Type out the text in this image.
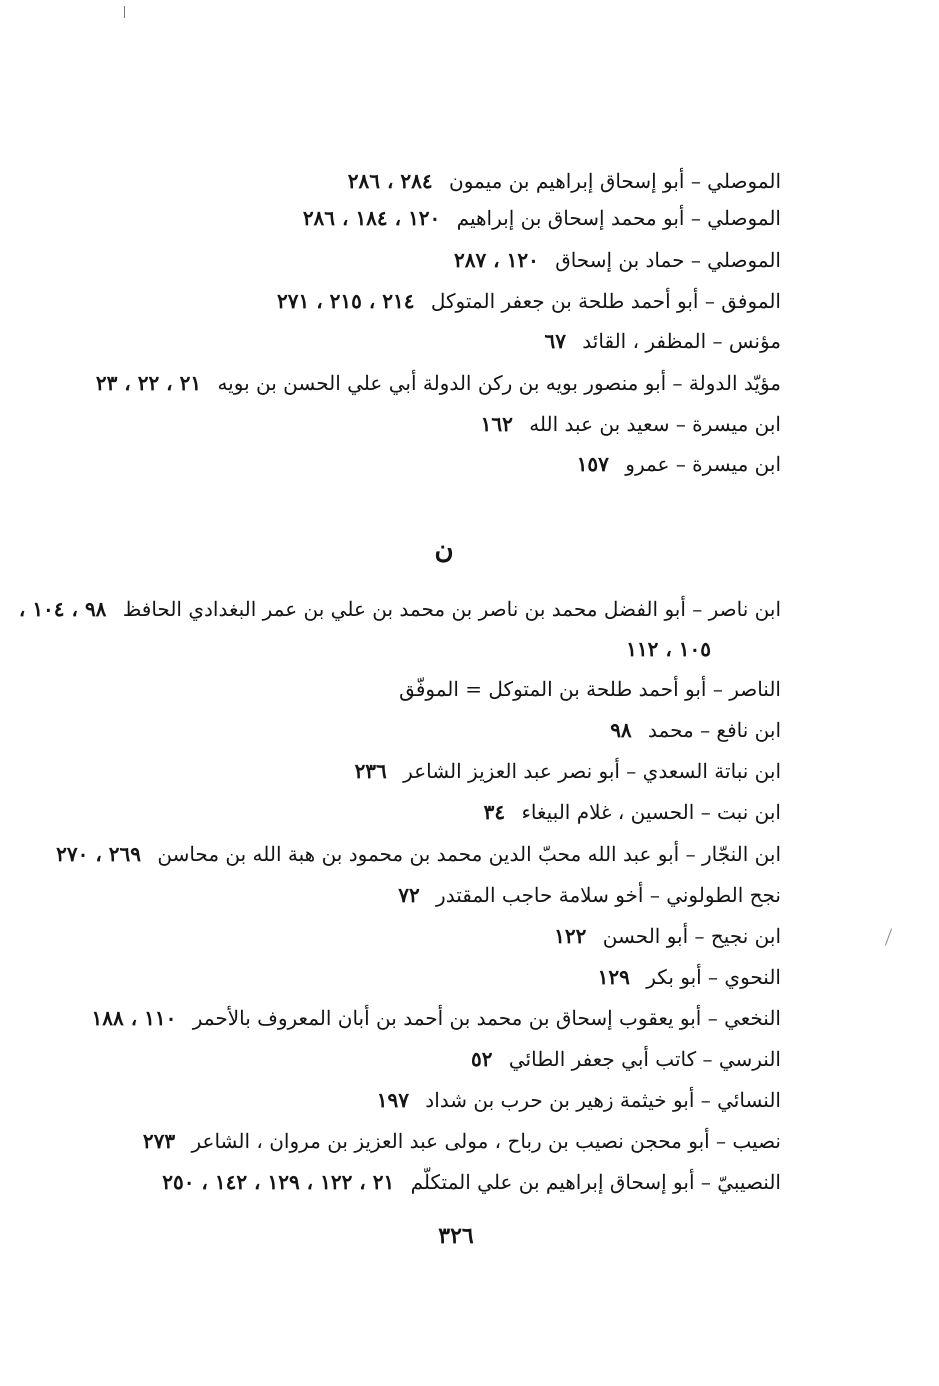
الموصلي – أبو إسحاق إبراهيم بن ميمون ٢٨٤ ، ٢٨٦
الموصلي – أبو محمد إسحاق بن إبراهيم ١٢٠ ، ١٨٤ ، ٢٨٦
الموصلي – حماد بن إسحاق ١٢٠ ، ٢٨٧
الموفق – أبو أحمد طلحة بن جعفر المتوكل ٢١٤ ، ٢١٥ ، ٢٧١
مؤنس – المظفر ، القائد ٦٧
مؤيّد الدولة – أبو منصور بويه بن ركن الدولة أبي علي الحسن بن بويه ٢١ ، ٢٢ ، ٢٣
ابن ميسرة – سعيد بن عبد الله ١٦٢
ابن ميسرة – عمرو ١٥٧
ن
ابن ناصر – أبو الفضل محمد بن ناصر بن محمد بن علي بن عمر البغدادي الحافظ ٩٨ ، ١٠٤ ،
١٠٥ ، ١١٢
الناصر – أبو أحمد طلحة بن المتوكل = الموفّق
ابن نافع – محمد ٩٨
ابن نباتة السعدي – أبو نصر عبد العزيز الشاعر ٢٣٦
ابن نبت – الحسين ، غلام البيغاء ٣٤
ابن النجّار – أبو عبد الله محبّ الدين محمد بن محمود بن هبة الله بن محاسن ٢٦٩ ، ٢٧٠
نجح الطولوني – أخو سلامة حاجب المقتدر ٧٢
ابن نجيح – أبو الحسن ١٢٢
النحوي – أبو بكر ١٢٩
النخعي – أبو يعقوب إسحاق بن محمد بن أحمد بن أبان المعروف بالأحمر ١١٠ ، ١٨٨
النرسي – كاتب أبي جعفر الطائي ٥٢
النسائي – أبو خيثمة زهير بن حرب بن شداد ١٩٧
نصيب – أبو محجن نصيب بن رباح ، مولى عبد العزيز بن مروان ، الشاعر ٢٧٣
النصيبيّ – أبو إسحاق إبراهيم بن علي المتكلّم ٢١ ، ١٢٢ ، ١٢٩ ، ١٤٢ ، ٢٥٠
٣٢٦
